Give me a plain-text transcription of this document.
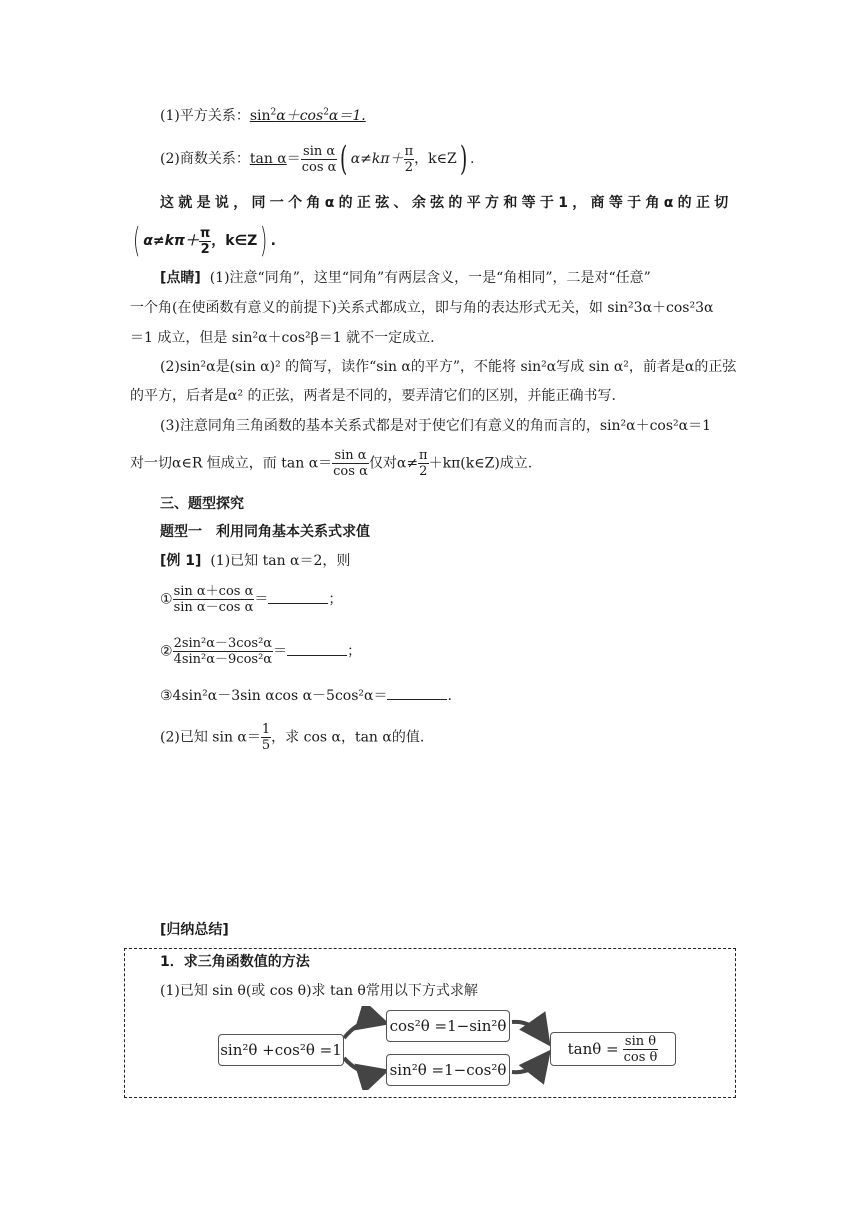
(1)平方关系：$\sin^2\alpha+\cos^2\alpha=1$.
(2)商数关系：$\tan \alpha= \frac{\text{sin α}}{\text{cos α}}$ ( $\alpha\ne k\pi+ \frac{\pi}{2}$ ，k∈Z) .
这就是说，同一个角α的正弦、余弦的平方和等于1，商等于角α的正切
( $\alpha\ne k\pi+ \frac{\pi}{2}$ ，k∈Z) .
[点睛] (1)注意“同角”，这里“同角”有两层含义，一是“角相同”，二是对“任意”
一个角(在使函数有意义的前提下)关系式都成立，即与角的表达形式无关，如 sin²3α＋cos²3α
＝1 成立，但是 sin²α＋cos²β＝1 就不一定成立.
(2)sin²α是(sin α)² 的简写，读作“sin α的平方”，不能将 sin²α写成 sin α²，前者是α的正弦
的平方，后者是α² 的正弦，两者是不同的，要弄清它们的区别，并能正确书写.
(3)注意同角三角函数的基本关系式都是对于使它们有意义的角而言的，sin²α＋cos²α＝1
对一切α∈R 恒成立，而 $\tan \alpha= \frac{\text{sin α}}{\text{cos α}}$ 仅对$\alpha\ne \frac{\pi}{2}$ ＋kπ(k∈Z)成立.
三、题型探究
题型一　利用同角基本关系式求值
[例 1] (1)已知 tan α＝2，则
① $\frac{\text{sin α＋cos α}}{\text{sin α－cos α}}$ ＝	；
② $\frac{\text{2sin²α－3cos²α}}{\text{4sin²α－9cos²α}}$ ＝	；
③4sin²α－3sin αcos α－5cos²α＝	.
(2)已知 $\sin \alpha= \frac{1}{5}$ ，求 cos α，tan α的值.
[归纳总结]
1．求三角函数值的方法
(1)已知 sin θ(或 cos θ)求 tan θ常用以下方式求解
sin²θ +cos²θ =1
cos²θ =1−sin²θ
sin²θ =1−cos²θ
$\tan\theta = \frac{\text{sin θ}}{\text{cos θ}}$
